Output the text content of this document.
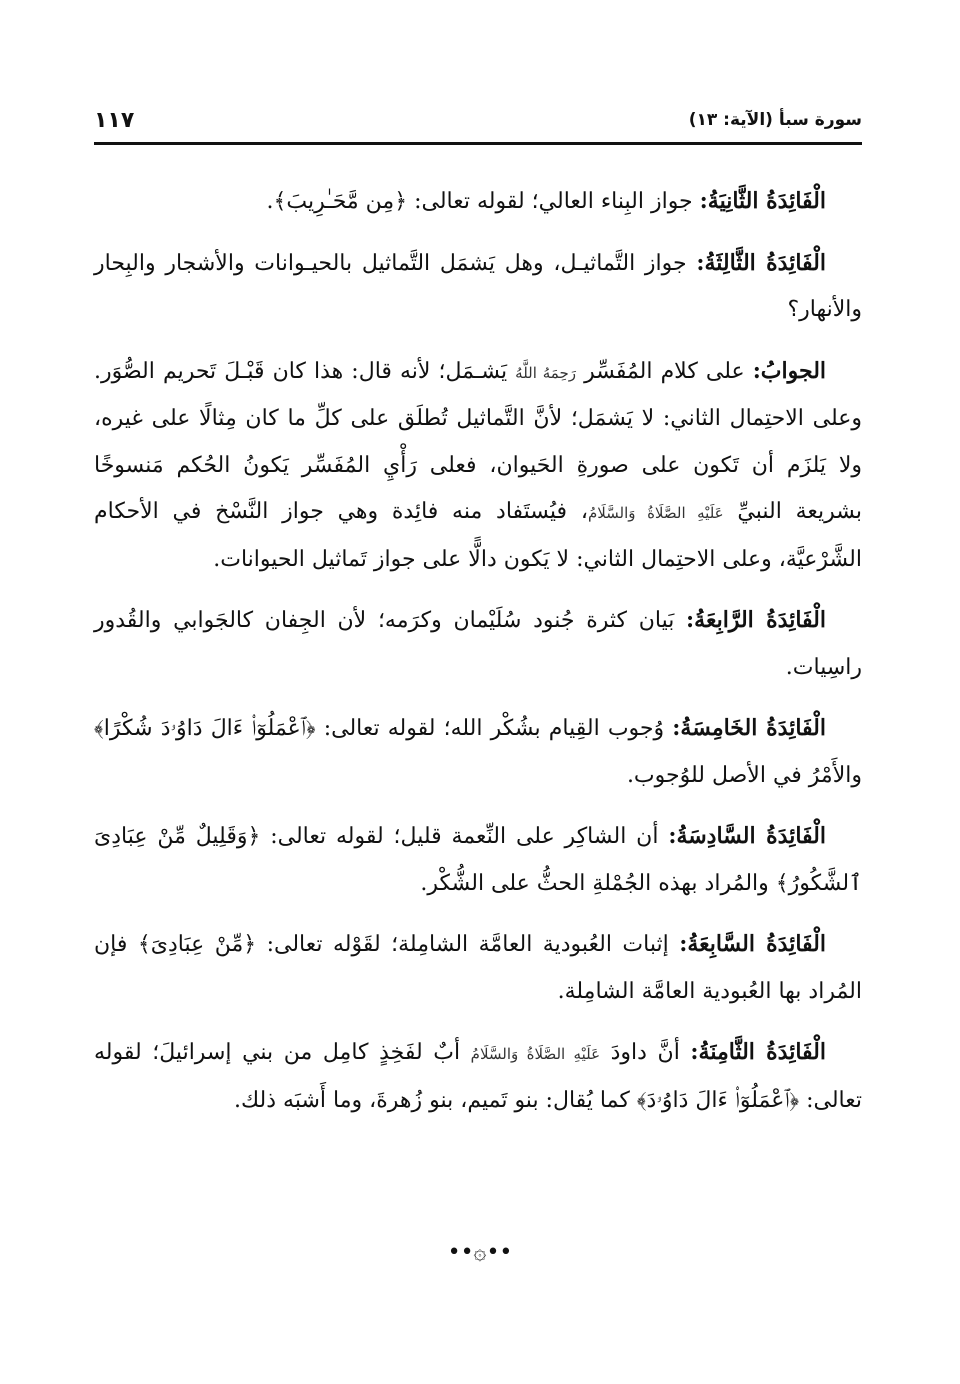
١١٧	سورة سبأ (الآية: ١٣)

الْفَائِدَةُ الثَّانِيَةُ: جواز البِناء العالي؛ لقوله تعالى: ﴿مِن مَّحَـٰرِيبَ﴾.

الْفَائِدَةُ الثَّالِثَةُ: جواز التَّماثيـل، وهل يَشمَل التَّماثيل بالحيـوانات والأشجار والبِحار والأنهار؟

الجوابُ: على كلام المُفَسِّر رَحِمَهُ اللَّهُ يَشـمَل؛ لأنه قال: هذا كان قَبْـلَ تَحريم الصُّوَر. وعلى الاحتِمال الثاني: لا يَشمَل؛ لأنَّ التَّماثيل تُطلَق على كلِّ ما كان مِثالًا على غيره، ولا يَلزَم أن تَكون على صورةِ الحَيوان، فعلى رَأْيِ المُفَسِّر يَكونُ الحُكم مَنسوخًا بشريعة النبيِّ عَلَيْهِ الصَّلَاةُ وَالسَّلَامُ، فيُستَفاد منه فائِدة وهي جواز النَّسْخ في الأحكام الشَّرْعيَّة، وعلى الاحتِمال الثاني: لا يَكون دالًّا على جواز تَماثيل الحيوانات.

الْفَائِدَةُ الرَّابِعَةُ: بَيان كثرة جُنود سُلَيْمان وكرَمه؛ لأن الجِفان كالجَوابي والقُدور راسِيات.

الْفَائِدَةُ الخَامِسَةُ: وُجوب القِيام بشُكْر الله؛ لقوله تعالى: ﴿ٱعْمَلُوٓا۟ ءَالَ دَاوُۥدَ شُكْرًا﴾ والأَمْرُ في الأصل للوُجوب.

الْفَائِدَةُ السَّادِسَةُ: أن الشاكِر على النِّعمة قليل؛ لقوله تعالى: ﴿وَقَلِيلٌ مِّنْ عِبَادِىَ ٱلشَّكُورُ﴾ والمُراد بهذه الجُمْلةِ الحثُّ على الشُّكْر.

الْفَائِدَةُ السَّابِعَةُ: إثبات العُبودية العامَّة الشامِلة؛ لقَوْله تعالى: ﴿مِّنْ عِبَادِىَ﴾ فإن المُراد بها العُبودية العامَّة الشامِلة.

الْفَائِدَةُ الثَّامِنَةُ: أنَّ داودَ عَلَيْهِ الصَّلَاةُ وَالسَّلَامُ أبٌ لفَخِذٍ كامِل من بني إسرائيلَ؛ لقوله تعالى: ﴿ٱعْمَلُوٓا۟ ءَالَ دَاوُۥدَ﴾ كما يُقال: بنو تَميم، بنو زُهرةَ، وما أَشبَه ذلك.

••۞••
